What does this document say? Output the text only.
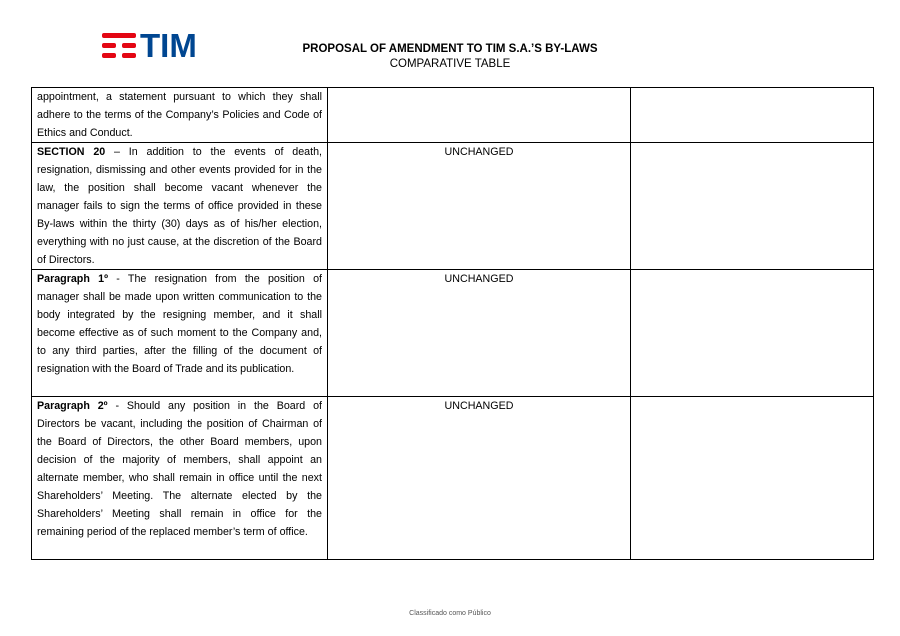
TIM	PROPOSAL OF AMENDMENT TO TIM S.A.’S BY-LAWS
COMPARATIVE TABLE
appointment, a statement pursuant to which they shall adhere to the terms of the Company’s Policies and Code of Ethics and Conduct.		
SECTION 20 – In addition to the events of death, resignation, dismissing and other events provided for in the law, the position shall become vacant whenever the manager fails to sign the terms of office provided in these By-laws within the thirty (30) days as of his/her election, everything with no just cause, at the discretion of the Board of Directors.	UNCHANGED	
Paragraph 1º - The resignation from the position of manager shall be made upon written communication to the body integrated by the resigning member, and it shall become effective as of such moment to the Company and, to any third parties, after the filling of the document of resignation with the Board of Trade and its publication.	UNCHANGED	
Paragraph 2º - Should any position in the Board of Directors be vacant, including the position of Chairman of the Board of Directors, the other Board members, upon decision of the majority of members, shall appoint an alternate member, who shall remain in office until the next Shareholders’ Meeting. The alternate elected by the Shareholders’ Meeting shall remain in office for the remaining period of the replaced member’s term of office.	UNCHANGED	
Classificado como Público
